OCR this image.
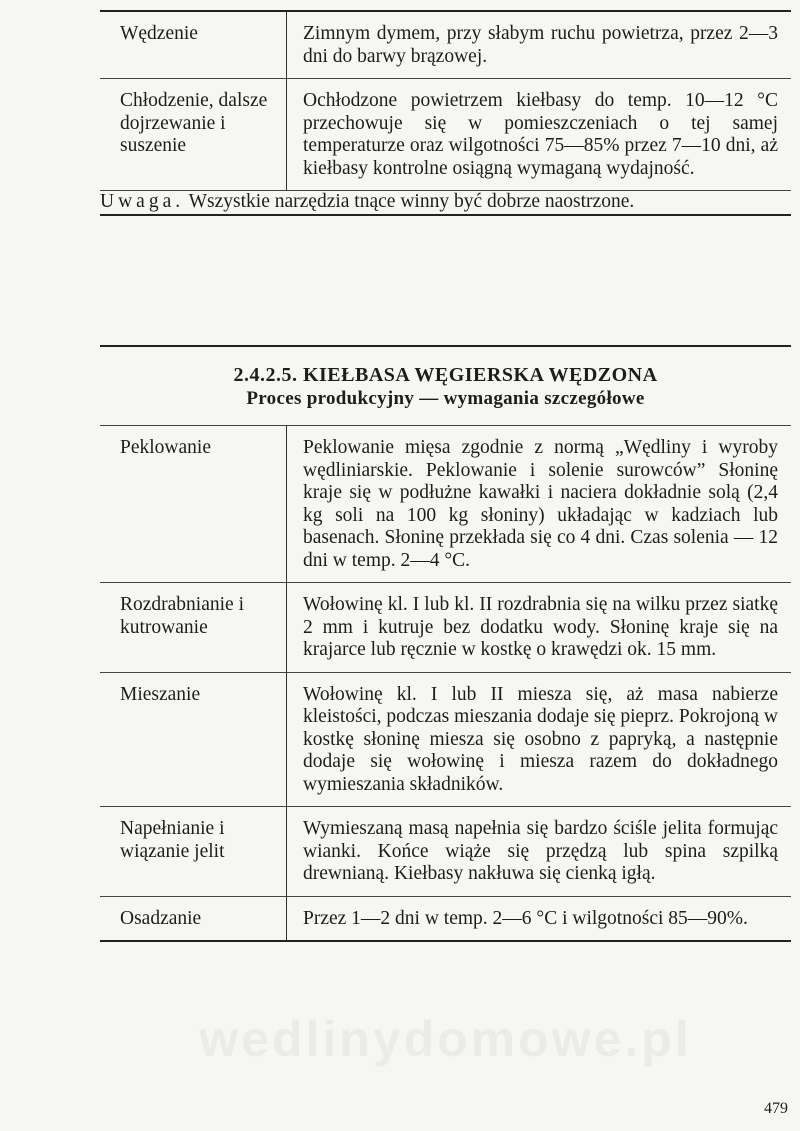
Wędzenie	Zimnym dymem, przy słabym ruchu powietrza, przez 2—3 dni do barwy brązowej.
Chłodzenie, dalsze dojrzewanie i suszenie	Ochłodzone powietrzem kiełbasy do temp. 10—12 °C przechowuje się w pomieszczeniach o tej samej temperaturze oraz wilgotności 75—85% przez 7—10 dni, aż kiełbasy kontrolne osiągną wymaganą wydajność.
Uwaga. Wszystkie narzędzia tnące winny być dobrze naostrzone.	
2.4.2.5. KIEŁBASA WĘGIERSKA WĘDZONA
Proces produkcyjny — wymagania szczegółowe	

Peklowanie	Peklowanie mięsa zgodnie z normą „Wędliny i wyroby wędliniarskie. Peklowanie i solenie surowców” Słoninę kraje się w podłużne kawałki i naciera dokładnie solą (2,4 kg soli na 100 kg słoniny) układając w kadziach lub basenach. Słoninę przekłada się co 4 dni. Czas solenia — 12 dni w temp. 2—4 °C.
Rozdrabnianie i kutrowanie	Wołowinę kl. I lub kl. II rozdrabnia się na wilku przez siatkę 2 mm i kutruje bez dodatku wody. Słoninę kraje się na krajarce lub ręcznie w kostkę o krawędzi ok. 15 mm.
Mieszanie	Wołowinę kl. I lub II miesza się, aż masa nabierze kleistości, podczas mieszania dodaje się pieprz. Pokrojoną w kostkę słoninę miesza się osobno z papryką, a następnie dodaje się wołowinę i miesza razem do dokładnego wymieszania składników.
Napełnianie i wiązanie jelit	Wymieszaną masą napełnia się bardzo ściśle jelita formując wianki. Końce wiąże się przędzą lub spina szpilką drewnianą. Kiełbasy nakłuwa się cienką igłą.
Osadzanie	Przez 1—2 dni w temp. 2—6 °C i wilgotności 85—90%.
wedlinydomowe.pl
479
